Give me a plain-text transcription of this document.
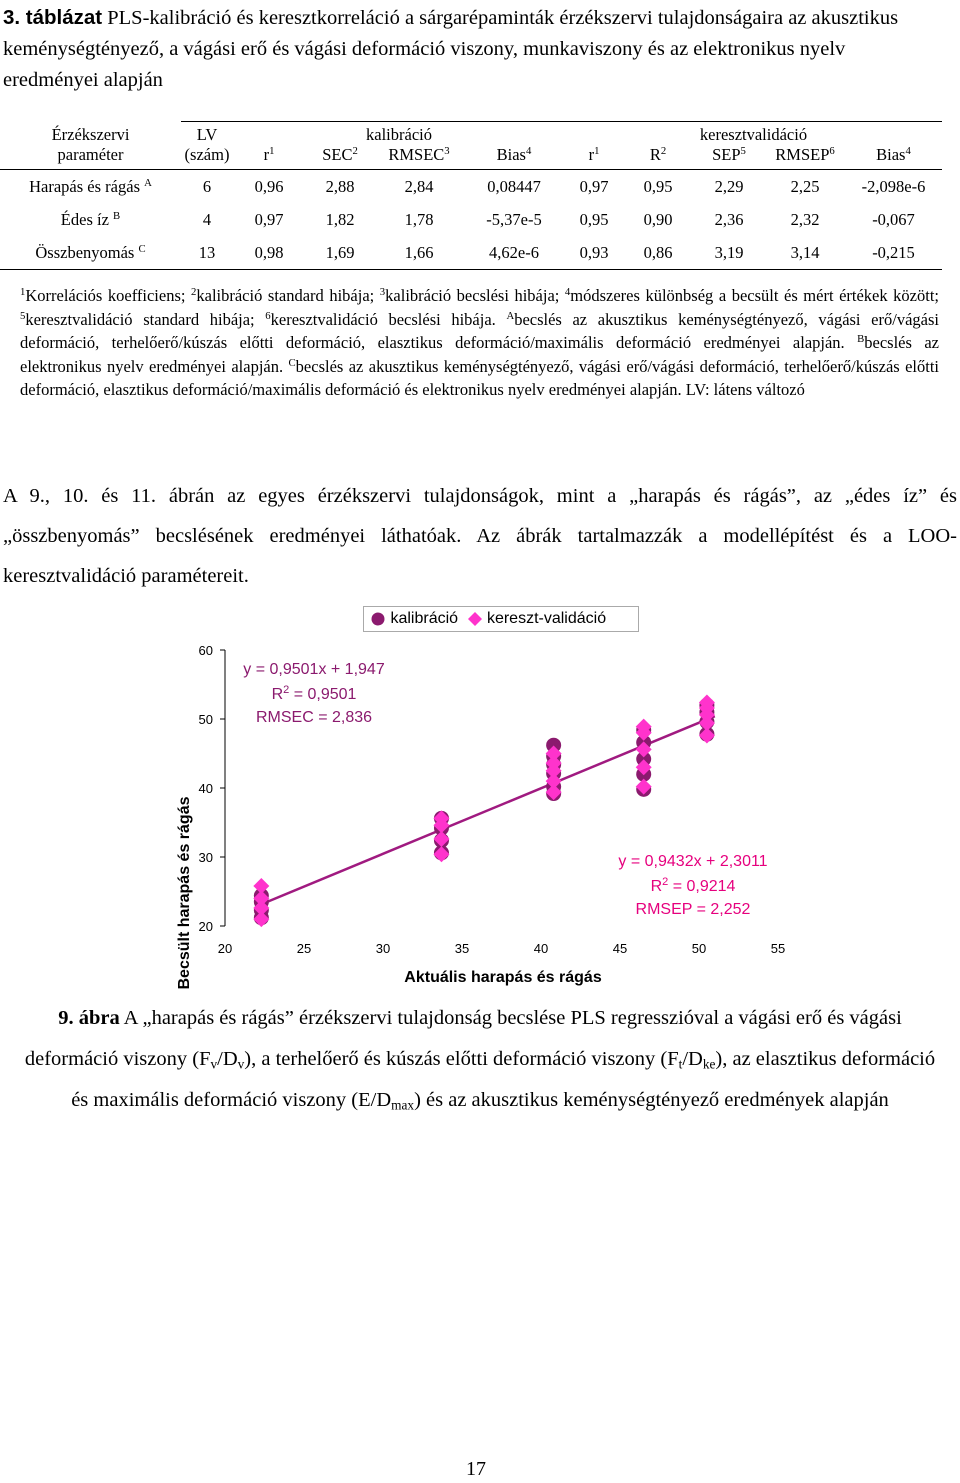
3. táblázat PLS-kalibráció és keresztkorreláció a sárgarépaminták érzékszervi tulajdonságaira az akusztikus keménységtényező, a vágási erő és vágási deformáció viszony, munkaviszony és az elektronikus nyelv eredményei alapján
Érzékszervi	LV	kalibráció				keresztvalidáció				
paraméter	(szám)	$r^1$	SEC$^2$	RMSEC$^3$	Bias$^4$	$r^1$	$R^2$	SEP$^5$	RMSEP$^6$	Bias$^4$
Harapás és rágás $^A$	6	0,96	2,88	2,84	0,08447	0,97	0,95	2,29	2,25	-2,098e-6
Édes íz $^B$	4	0,97	1,82	1,78	-5,37e-5	0,95	0,90	2,36	2,32	-0,067
Összbenyomás $^C$	13	0,98	1,69	1,66	4,62e-6	0,93	0,86	3,19	3,14	-0,215
$^1$Korrelációs koefficiens; $^2$kalibráció standard hibája; $^3$kalibráció becslési hibája; $^4$módszeres különbség a becsült és mért értékek között; $^5$keresztvalidáció standard hibája; $^6$keresztvalidáció becslési hibája. $^A$becslés az akusztikus keménységtényező, vágási erő/vágási deformáció, terhelőerő/kúszás előtti deformáció, elasztikus deformáció/maximális deformáció eredményei alapján. $^B$becslés az elektronikus nyelv eredményei alapján. $^C$becslés az akusztikus keménységtényező, vágási erő/vágási deformáció, terhelőerő/kúszás előtti deformáció, elasztikus deformáció/maximális deformáció és elektronikus nyelv eredményei alapján. LV: látens változó
A 9., 10. és 11. ábrán az egyes érzékszervi tulajdonságok, mint a „harapás és rágás”, az „édes íz” és „összbenyomás” becslésének eredményei láthatóak. Az ábrák tartalmazzák a modellépítést és a LOO-keresztvalidáció paramétereit.
kalibráció kereszt-validáció
20
30
40
50
60
20	25	30	35	40	45	50	55
Becsült harapás és rágás	Aktuális harapás és rágás
y = 0,9501x + 1,947
$R^2 = 0,9501$
RMSEC = 2,836
y = 0,9432x + 2,3011
$R^2 = 0,9214$
RMSEP = 2,252
9. ábra A „harapás és rágás” érzékszervi tulajdonság becslése PLS regresszióval a vágási erő és vágási deformáció viszony $(F_v/D_v)$, a terhelőerő és kúszás előtti deformáció viszony $(F_t/D_{ke})$, az elasztikus deformáció és maximális deformáció viszony $(E/D_{max})$ és az akusztikus keménységtényező eredmények alapján
17
